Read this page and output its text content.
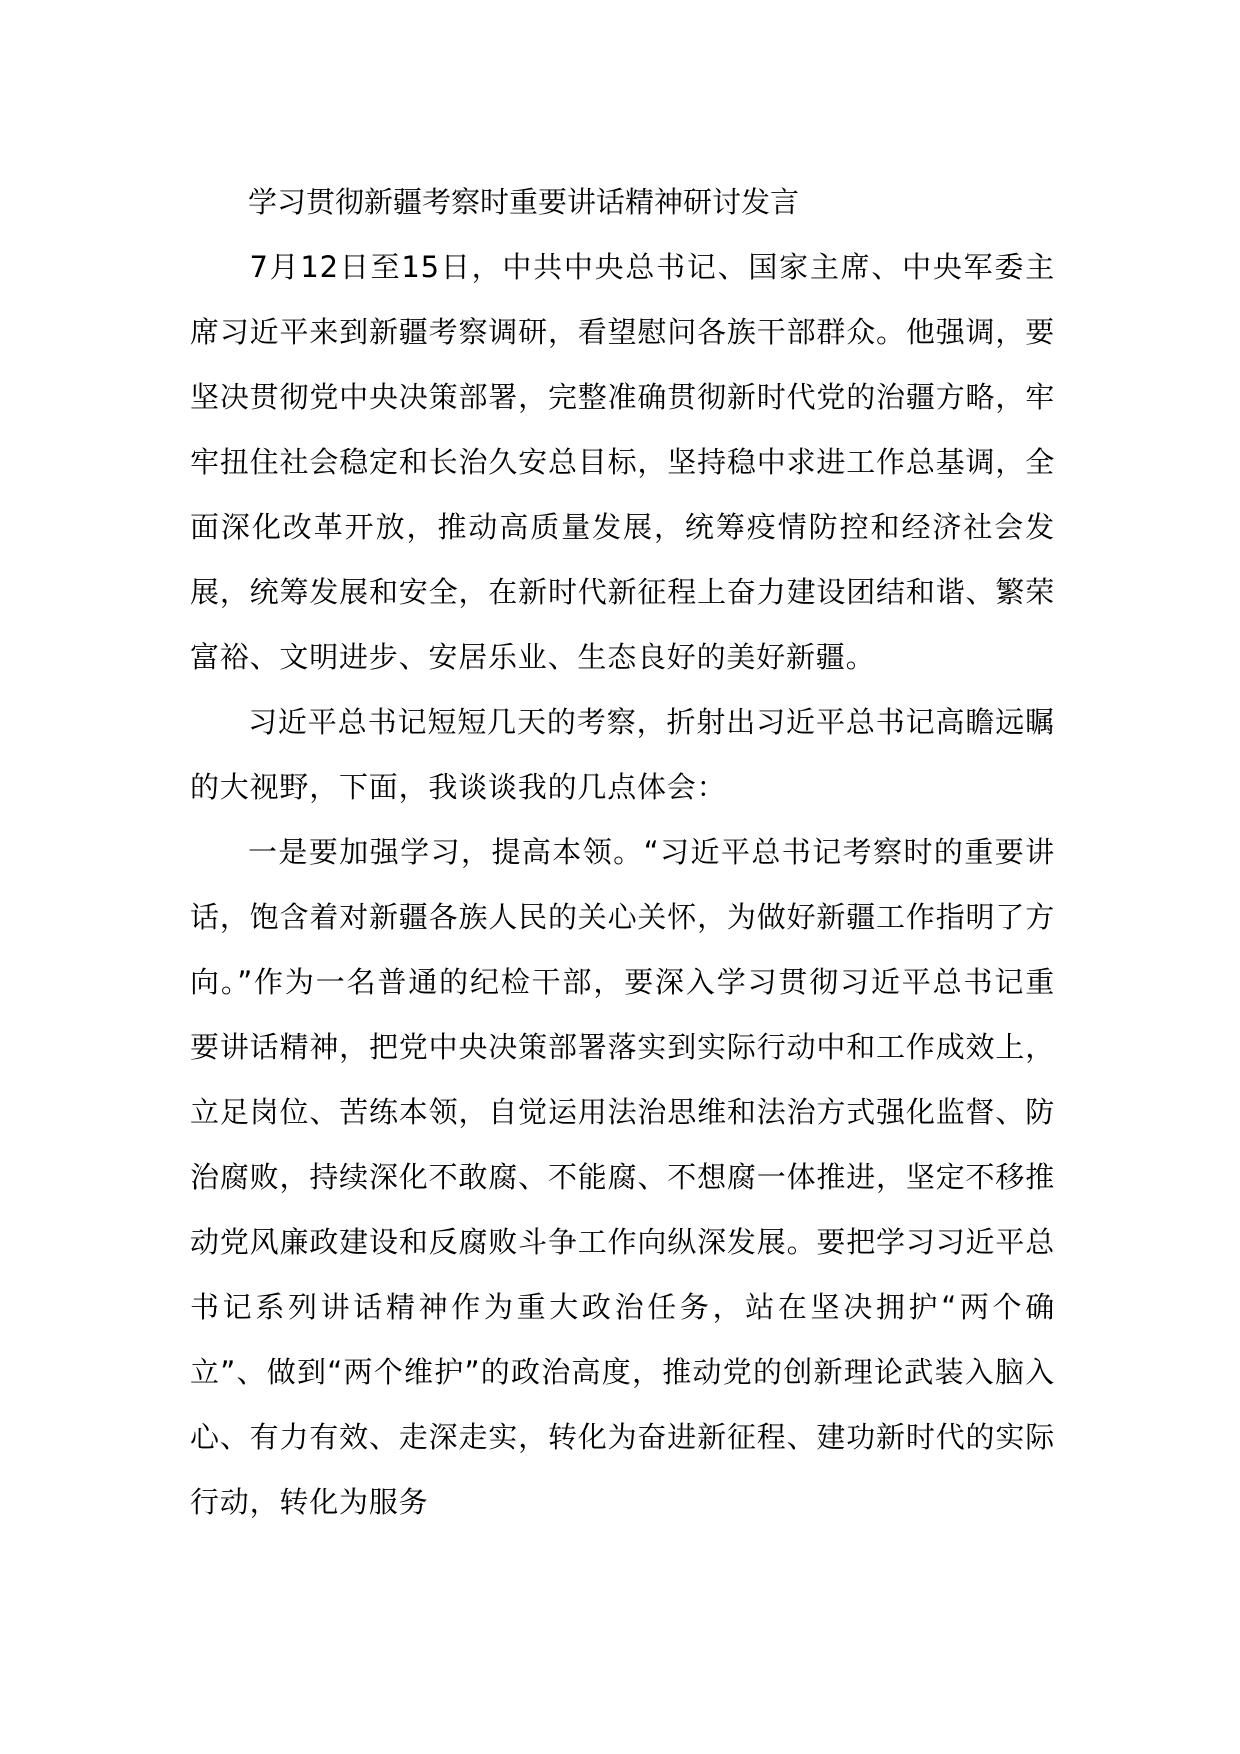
学习贯彻新疆考察时重要讲话精神研讨发言

7月12日至15日，中共中央总书记、国家主席、中央军委主席习近平来到新疆考察调研，看望慰问各族干部群众。他强调，要坚决贯彻党中央决策部署，完整准确贯彻新时代党的治疆方略，牢牢扭住社会稳定和长治久安总目标，坚持稳中求进工作总基调，全面深化改革开放，推动高质量发展，统筹疫情防控和经济社会发展，统筹发展和安全，在新时代新征程上奋力建设团结和谐、繁荣富裕、文明进步、安居乐业、生态良好的美好新疆。

习近平总书记短短几天的考察，折射出习近平总书记高瞻远瞩的大视野，下面，我谈谈我的几点体会：

一是要加强学习，提高本领。“习近平总书记考察时的重要讲话，饱含着对新疆各族人民的关心关怀，为做好新疆工作指明了方向。”作为一名普通的纪检干部，要深入学习贯彻习近平总书记重要讲话精神，把党中央决策部署落实到实际行动中和工作成效上，立足岗位、苦练本领，自觉运用法治思维和法治方式强化监督、防治腐败，持续深化不敢腐、不能腐、不想腐一体推进，坚定不移推动党风廉政建设和反腐败斗争工作向纵深发展。要把学习习近平总书记系列讲话精神作为重大政治任务，站在坚决拥护“两个确立”、做到“两个维护”的政治高度，推动党的创新理论武装入脑入心、有力有效、走深走实，转化为奋进新征程、建功新时代的实际行动，转化为服务
